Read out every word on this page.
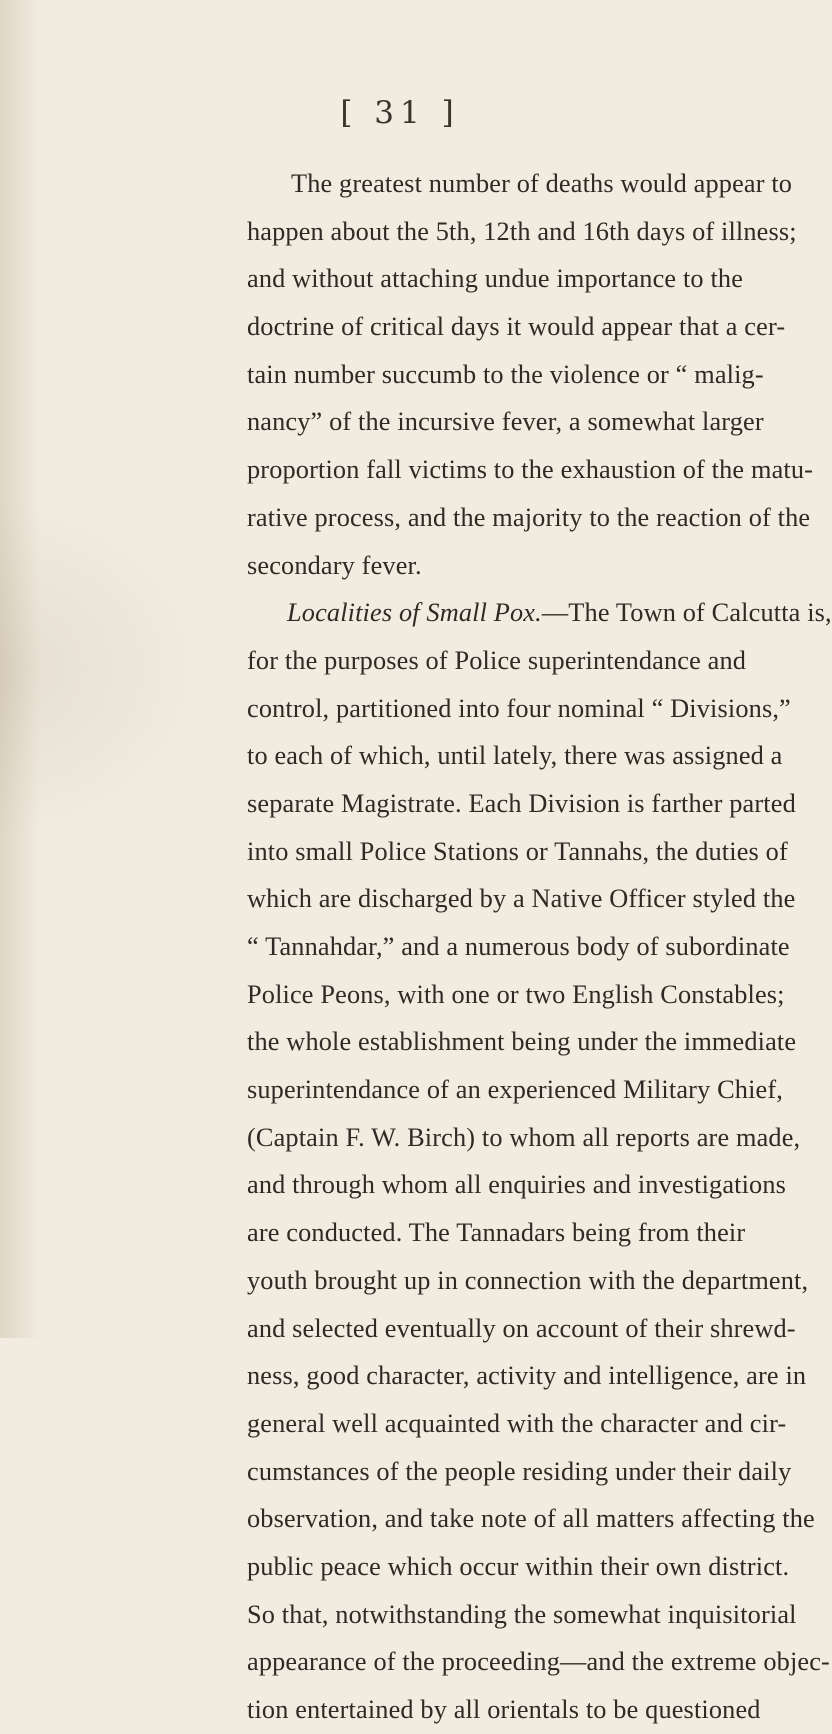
[ 31 ]
The greatest number of deaths would appear to
happen about the 5th, 12th and 16th days of illness;
and without attaching undue importance to the
doctrine of critical days it would appear that a cer-
tain number succumb to the violence or “ malig-
nancy” of the incursive fever, a somewhat larger
proportion fall victims to the exhaustion of the matu-
rative process, and the majority to the reaction of the
secondary fever.
Localities of Small Pox.—The Town of Calcutta is,
for the purposes of Police superintendance and
control, partitioned into four nominal “ Divisions,”
to each of which, until lately, there was assigned a
separate Magistrate. Each Division is farther parted
into small Police Stations or Tannahs, the duties of
which are discharged by a Native Officer styled the
“ Tannahdar,” and a numerous body of subordinate
Police Peons, with one or two English Constables;
the whole establishment being under the immediate
superintendance of an experienced Military Chief,
(Captain F. W. Birch) to whom all reports are made,
and through whom all enquiries and investigations
are conducted. The Tannadars being from their
youth brought up in connection with the department,
and selected eventually on account of their shrewd-
ness, good character, activity and intelligence, are in
general well acquainted with the character and cir-
cumstances of the people residing under their daily
observation, and take note of all matters affecting the
public peace which occur within their own district.
So that, notwithstanding the somewhat inquisitorial
appearance of the proceeding—and the extreme objec-
tion entertained by all orientals to be questioned
